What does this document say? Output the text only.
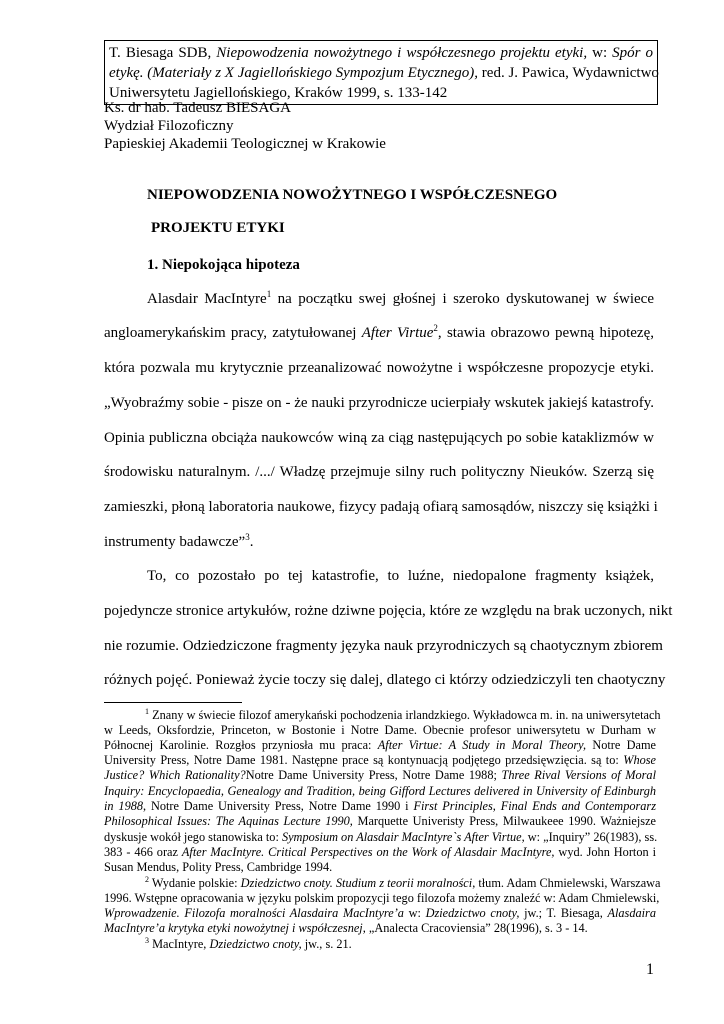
T. Biesaga SDB, Niepowodzenia nowożytnego i współczesnego projektu etyki, w: Spór o
etykę. (Materiały z X Jagiellońskiego Sympozjum Etycznego), red. J. Pawica, Wydawnictwo
Uniwersytetu Jagiellońskiego, Kraków 1999, s. 133-142
Ks. dr hab. Tadeusz BIESAGA
Wydział Filozoficzny
Papieskiej Akademii Teologicznej w Krakowie
NIEPOWODZENIA NOWOŻYTNEGO I WSPÓŁCZESNEGO
PROJEKTU ETYKI
1. Niepokojąca hipoteza
Alasdair MacIntyre$^1$ na początku swej głośnej i szeroko dyskutowanej w świece
angloamerykańskim pracy, zatytułowanej After Virtue$^2$, stawia obrazowo pewną hipotezę,
która pozwala mu krytycznie przeanalizować nowożytne i współczesne propozycje etyki.
„Wyobraźmy sobie - pisze on - że nauki przyrodnicze ucierpiały wskutek jakiejś katastrofy.
Opinia publiczna obciąża naukowców winą za ciąg następujących po sobie kataklizmów w
środowisku naturalnym. /.../ Władzę przejmuje silny ruch polityczny Nieuków. Szerzą się
zamieszki, płoną laboratoria naukowe, fizycy padają ofiarą samosądów, niszczy się książki i
instrumenty badawcze”$^3$.
To, co pozostało po tej katastrofie, to luźne, niedopalone fragmenty książek,
pojedyncze stronice artykułów, rożne dziwne pojęcia, które ze względu na brak uczonych, nikt
nie rozumie. Odziedziczone fragmenty języka nauk przyrodniczych są chaotycznym zbiorem
różnych pojęć. Ponieważ życie toczy się dalej, dlatego ci którzy odziedziczyli ten chaotyczny
$^1$ Znany w świecie filozof amerykański pochodzenia irlandzkiego. Wykładowca m. in. na uniwersytetach
w Leeds, Oksfordzie, Princeton, w Bostonie i Notre Dame. Obecnie profesor uniwersytetu w Durham w
Północnej Karolinie. Rozgłos przyniosła mu praca: After Virtue: A Study in Moral Theory, Notre Dame
University Press, Notre Dame 1981. Następne prace są kontynuacją podjętego przedsięwzięcia. są to: Whose
Justice? Which Rationality?Notre Dame University Press, Notre Dame 1988; Three Rival Versions of Moral
Inquiry: Encyclopaedia, Genealogy and Tradition, being Gifford Lectures delivered in University of Edinburgh
in 1988, Notre Dame University Press, Notre Dame 1990 i First Principles, Final Ends and Contemporarz
Philosophical Issues: The Aquinas Lecture 1990, Marquette Univeristy Press, Milwaukeee 1990. Ważniejsze
dyskusje wokół jego stanowiska to: Symposium on Alasdair MacIntyre`s After Virtue, w: „Inquiry” 26(1983), ss.
383 - 466 oraz After MacIntyre. Critical Perspectives on the Work of Alasdair MacIntyre, wyd. John Horton i
Susan Mendus, Polity Press, Cambridge 1994.
$^2$ Wydanie polskie: Dziedzictwo cnoty. Studium z teorii moralności, tłum. Adam Chmielewski, Warszawa
1996. Wstępne opracowania w języku polskim propozycji tego filozofa możemy znaleźć w: Adam Chmielewski,
Wprowadzenie. Filozofa moralności Alasdaira MacIntyre’a w: Dziedzictwo cnoty, jw.; T. Biesaga, Alasdaira
MacIntyre’a krytyka etyki nowożytnej i współczesnej, „Analecta Cracoviensia” 28(1996), s. 3 - 14.
$^3$ MacIntyre, Dziedzictwo cnoty, jw., s. 21.
1
